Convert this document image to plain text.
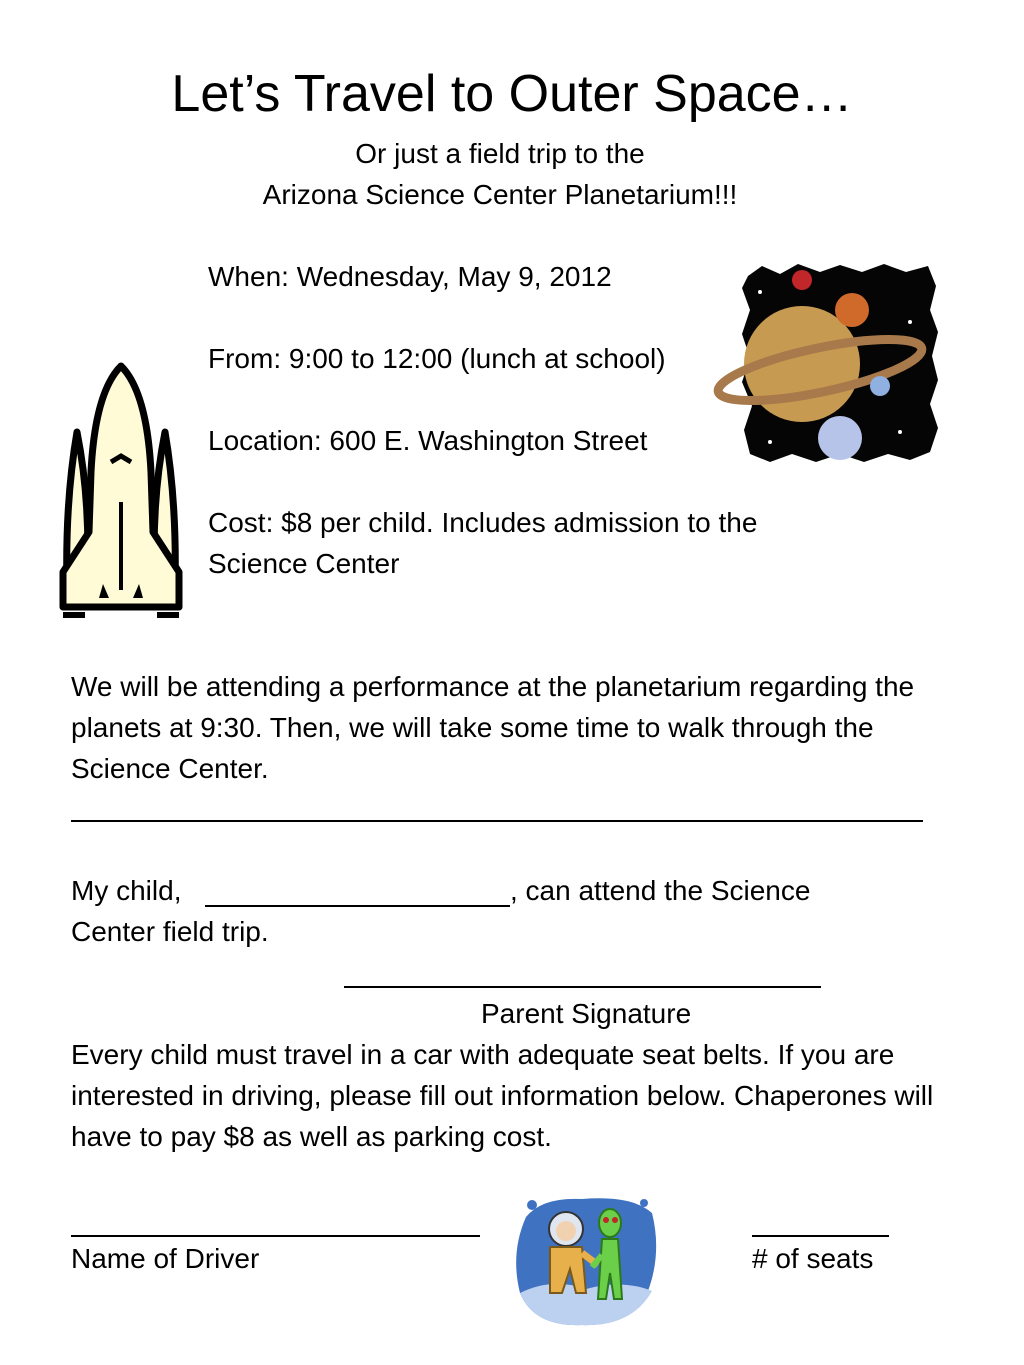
Let’s Travel to Outer Space…
Or just a field trip to the
Arizona Science Center Planetarium!!!
When: Wednesday, May 9, 2012
From: 9:00 to 12:00 (lunch at school)
Location: 600 E. Washington Street
Cost: $8 per child. Includes admission to the
Science Center
We will be attending a performance at the planetarium regarding the planets at 9:30. Then, we will take some time to walk through the Science Center.
My child,	, can attend the Science
Center field trip.
Parent Signature
Every child must travel in a car with adequate seat belts. If you are interested in driving, please fill out information below. Chaperones will have to pay $8 as well as parking cost.
Name of Driver	# of seats
